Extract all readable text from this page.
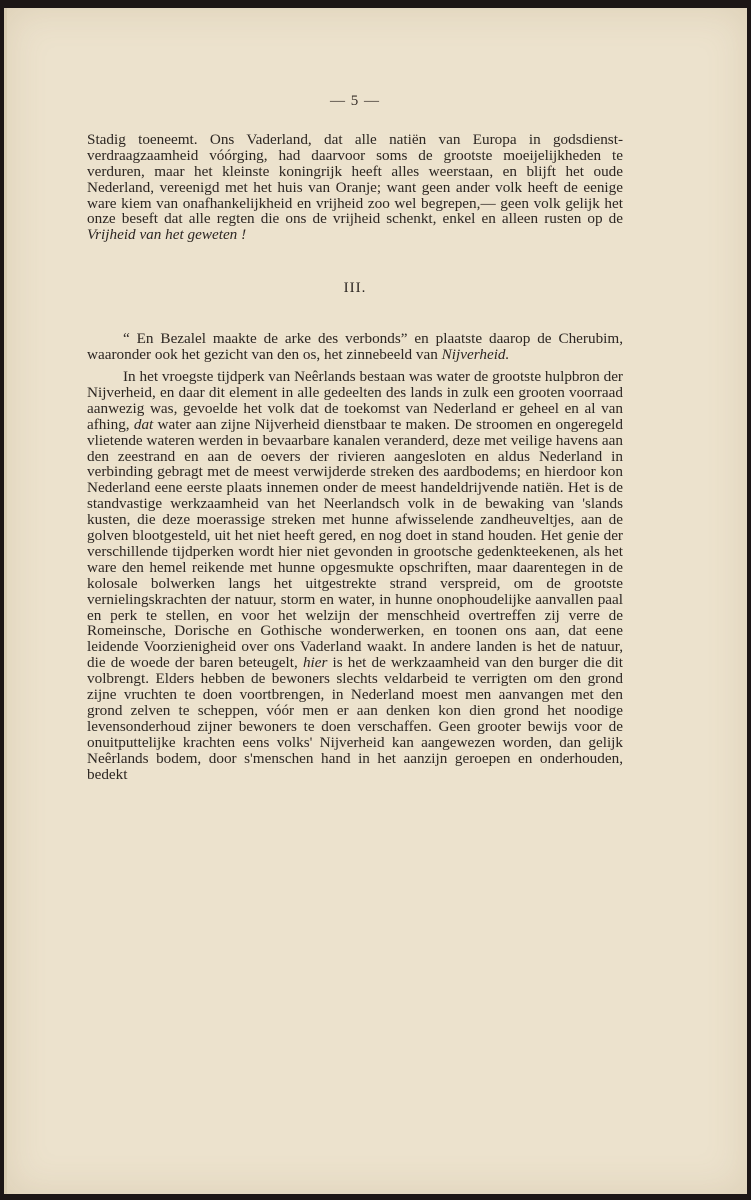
— 5 —

Stadig toeneemt. Ons Vaderland, dat alle natiën van Europa in godsdienst-verdraagzaamheid vóórging, had daarvoor soms de grootste moeijelijkheden te verduren, maar het kleinste koningrijk heeft alles weerstaan, en blijft het oude Nederland, vereenigd met het huis van Oranje; want geen ander volk heeft de eenige ware kiem van onafhankelijkheid en vrijheid zoo wel begrepen,— geen volk gelijk het onze beseft dat alle regten die ons de vrijheid schenkt, enkel en alleen rusten op de Vrijheid van het geweten !

III.

“ En Bezalel maakte de arke des verbonds” en plaatste daarop de Cherubim, waaronder ook het gezicht van den os, het zinnebeeld van Nijverheid.

In het vroegste tijdperk van Neêrlands bestaan was water de grootste hulpbron der Nijverheid, en daar dit element in alle gedeelten des lands in zulk een grooten voorraad aanwezig was, gevoelde het volk dat de toekomst van Nederland er geheel en al van afhing, dat water aan zijne Nijverheid dienstbaar te maken. De stroomen en ongeregeld vlietende wateren werden in bevaarbare kanalen veranderd, deze met veilige havens aan den zeestrand en aan de oevers der rivieren aangesloten en aldus Nederland in verbinding gebragt met de meest verwijderde streken des aardbodems; en hierdoor kon Nederland eene eerste plaats innemen onder de meest handeldrijvende natiën. Het is de standvastige werkzaamheid van het Neerlandsch volk in de bewaking van 'slands kusten, die deze moerassige streken met hunne afwisselende zandheuveltjes, aan de golven blootgesteld, uit het niet heeft gered, en nog doet in stand houden. Het genie der verschillende tijdperken wordt hier niet gevonden in grootsche gedenkteekenen, als het ware den hemel reikende met hunne opgesmukte opschriften, maar daarentegen in de kolosale bolwerken langs het uitgestrekte strand verspreid, om de grootste vernielingskrachten der natuur, storm en water, in hunne onophoudelijke aanvallen paal en perk te stellen, en voor het welzijn der menschheid overtreffen zij verre de Romeinsche, Dorische en Gothische wonderwerken, en toonen ons aan, dat eene leidende Voorzienigheid over ons Vaderland waakt. In andere landen is het de natuur, die de woede der baren beteugelt, hier is het de werkzaamheid van den burger die dit volbrengt. Elders hebben de bewoners slechts veldarbeid te verrigten om den grond zijne vruchten te doen voortbrengen, in Nederland moest men aanvangen met den grond zelven te scheppen, vóór men er aan denken kon dien grond het noodige levensonderhoud zijner bewoners te doen verschaffen. Geen grooter bewijs voor de onuitputtelijke krachten eens volks' Nijverheid kan aangewezen worden, dan gelijk Neêrlands bodem, door s'menschen hand in het aanzijn geroepen en onderhouden, bedekt
